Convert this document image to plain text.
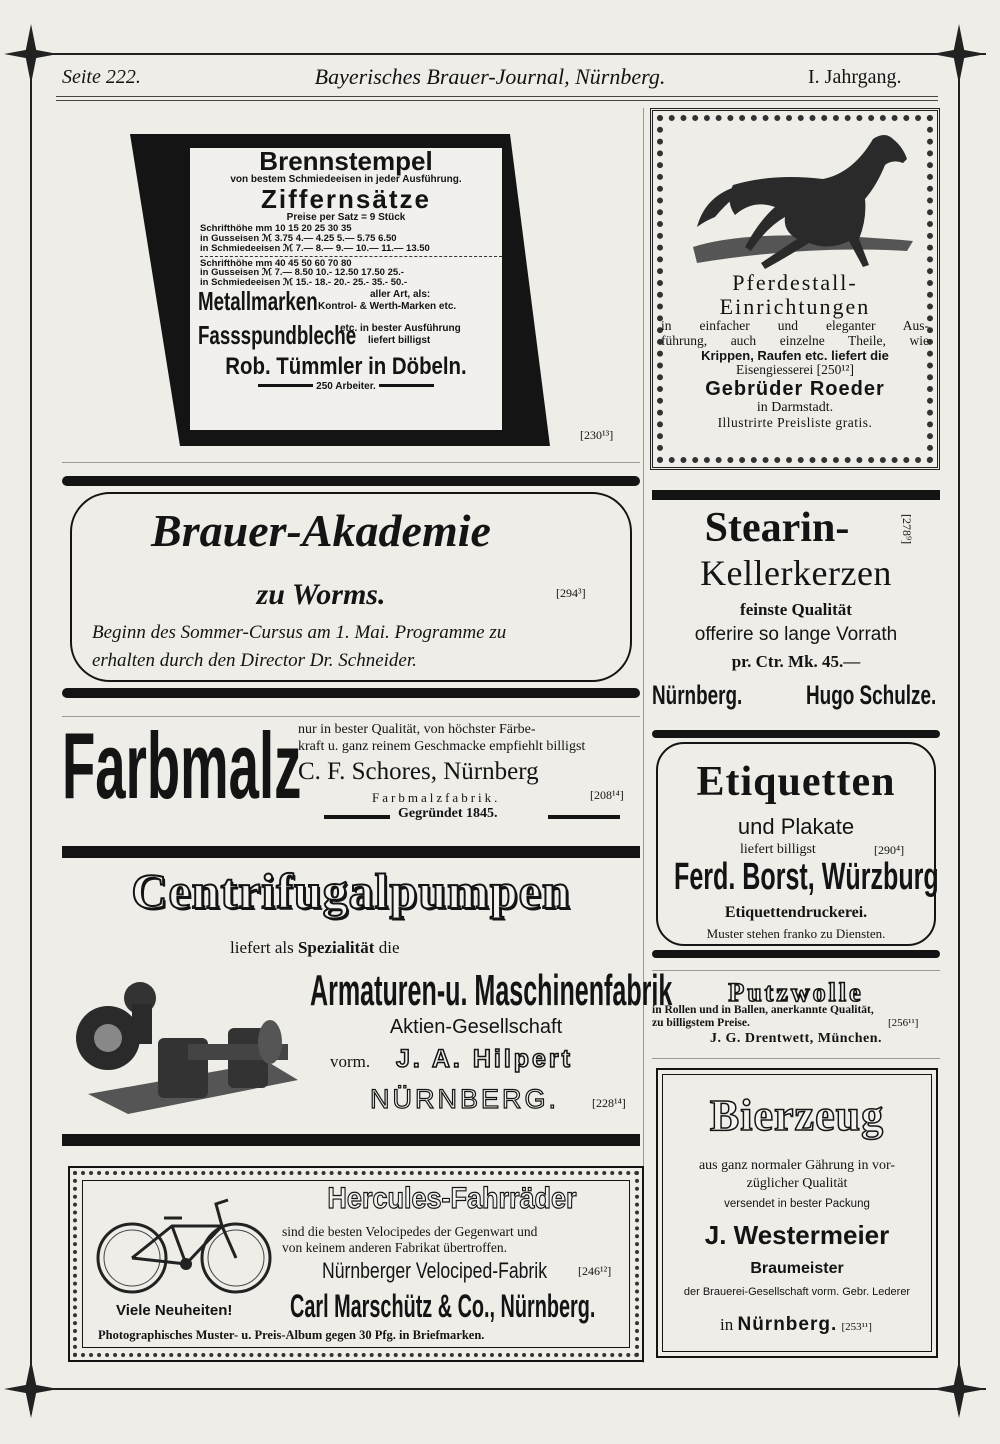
Seite 222.	Bayerisches Brauer-Journal, Nürnberg.	I. Jahrgang.
Brennstempel
von bestem Schmiedeeisen in jeder Ausführung.
Ziffernsätze
Preise per Satz = 9 Stück
Schrifthöhe mm 10 15 20 25 30 35
in Gusseisen ℳ 3.75 4.— 4.25 5.— 5.75 6.50
in Schmiedeeisen ℳ 7.— 8.— 9.— 10.— 11.— 13.50
Schrifthöhe mm 40 45 50 60 70 80
in Gusseisen ℳ 7.— 8.50 10.- 12.50 17.50 25.-
in Schmiedeeisen ℳ 15.- 18.- 20.- 25.- 35.- 50.-
Metallmarken	aller Art, als:
Kontrol- & Werth-Marken etc.
Fassspundbleche
etc. in bester Ausführung
liefert billigst
Rob. Tümmler in Döbeln.
250 Arbeiter.
[230¹³]
Pferdestall-
Einrichtungen
in einfacher und eleganter Aus-
führung, auch einzelne Theile, wie
Krippen, Raufen etc. liefert die
Eisengiesserei [250¹²]
Gebrüder Roeder
in Darmstadt.
Illustrirte Preisliste gratis.
Brauer-Akademie
zu Worms.	[294³]
Beginn des Sommer-Cursus am 1. Mai. Programme zu
erhalten durch den Director Dr. Schneider.
Stearin-	[278⁹]
Kellerkerzen
feinste Qualität
offerire so lange Vorrath
pr. Ctr. Mk. 45.—
Nürnberg. Hugo Schulze.
Farbmalz
nur in bester Qualität, von höchster Färbe-
kraft u. ganz reinem Geschmacke empfiehlt billigst
C. F. Schores, Nürnberg
Farbmalzfabrik.	[208¹⁴]
Gegründet 1845.
Etiquetten
und Plakate
liefert billigst	[290⁴]
Ferd. Borst, Würzburg
Etiquettendruckerei.
Muster stehen franko zu Diensten.
Centrifugalpumpen
liefert als Spezialität die
Armaturen-u. Maschinenfabrik
Aktien-Gesellschaft
vorm. J. A. Hilpert
NÜRNBERG.	[228¹⁴]
Putzwolle
in Rollen und in Ballen, anerkannte Qualität,
zu billigstem Preise.	[256¹¹]
J. G. Drentwett, München.
Bierzeug
aus ganz normaler Gährung in vor-
züglicher Qualität
versendet in bester Packung
J. Westermeier
Braumeister
der Brauerei-Gesellschaft vorm. Gebr. Lederer
in Nürnberg. [253¹¹]
Hercules-Fahrräder
sind die besten Velocipedes der Gegenwart und
von keinem anderen Fabrikat übertroffen.
Nürnberger Velociped-Fabrik	[246¹²]
Viele Neuheiten! Carl Marschütz & Co., Nürnberg.
Photographisches Muster- u. Preis-Album gegen 30 Pfg. in Briefmarken.
